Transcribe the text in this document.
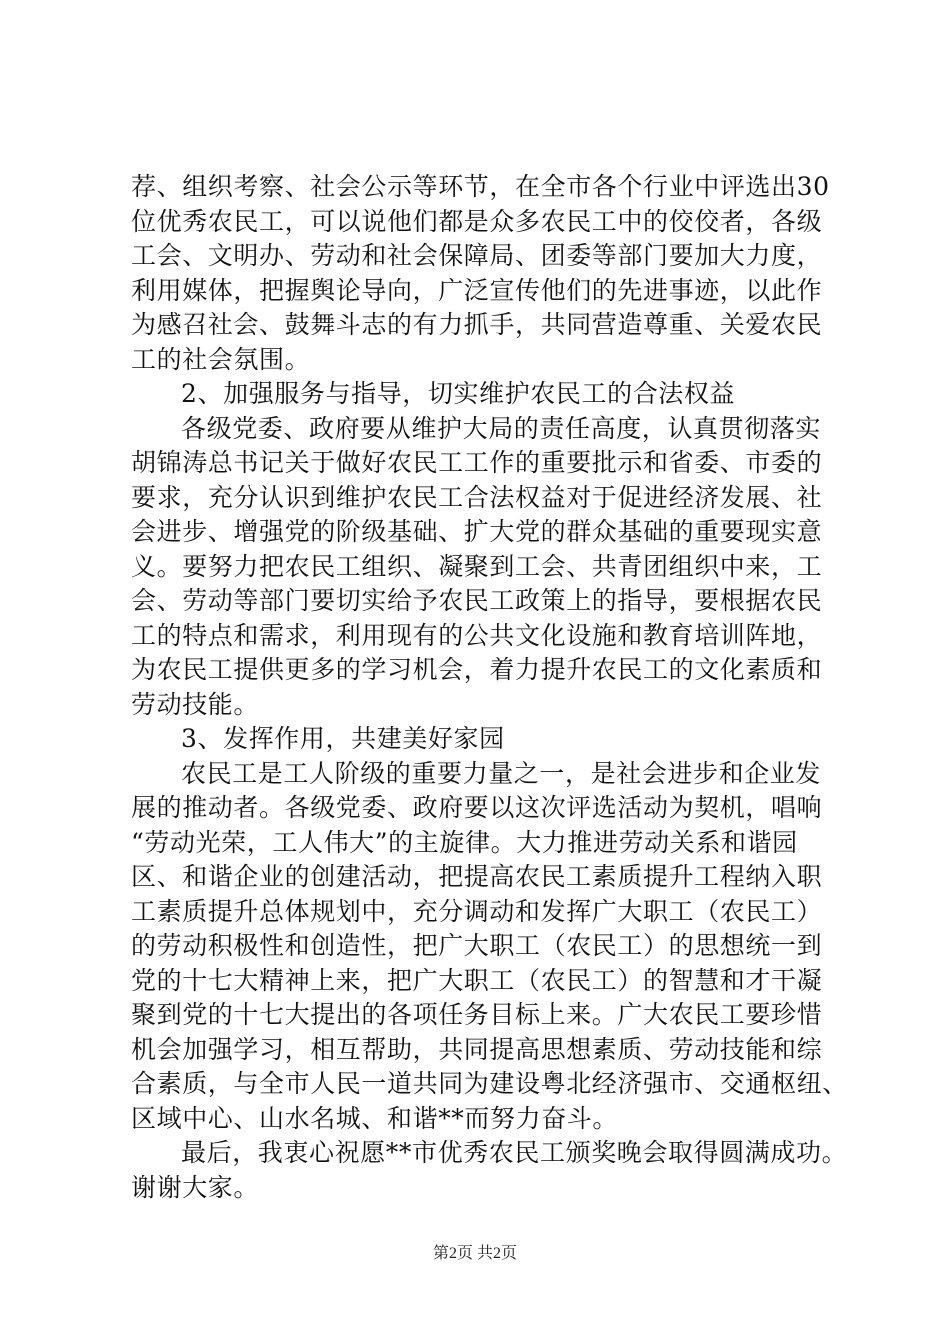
荐、组织考察、社会公示等环节，在全市各个行业中评选出30
位优秀农民工，可以说他们都是众多农民工中的佼佼者，各级
工会、文明办、劳动和社会保障局、团委等部门要加大力度，
利用媒体，把握舆论导向，广泛宣传他们的先进事迹，以此作
为感召社会、鼓舞斗志的有力抓手，共同营造尊重、关爱农民
工的社会氛围。
2、加强服务与指导，切实维护农民工的合法权益
各级党委、政府要从维护大局的责任高度，认真贯彻落实
胡锦涛总书记关于做好农民工工作的重要批示和省委、市委的
要求，充分认识到维护农民工合法权益对于促进经济发展、社
会进步、增强党的阶级基础、扩大党的群众基础的重要现实意
义。要努力把农民工组织、凝聚到工会、共青团组织中来，工
会、劳动等部门要切实给予农民工政策上的指导，要根据农民
工的特点和需求，利用现有的公共文化设施和教育培训阵地，
为农民工提供更多的学习机会，着力提升农民工的文化素质和
劳动技能。
3、发挥作用，共建美好家园
农民工是工人阶级的重要力量之一，是社会进步和企业发
展的推动者。各级党委、政府要以这次评选活动为契机，唱响
“劳动光荣，工人伟大”的主旋律。大力推进劳动关系和谐园
区、和谐企业的创建活动，把提高农民工素质提升工程纳入职
工素质提升总体规划中，充分调动和发挥广大职工（农民工）
的劳动积极性和创造性，把广大职工（农民工）的思想统一到
党的十七大精神上来，把广大职工（农民工）的智慧和才干凝
聚到党的十七大提出的各项任务目标上来。广大农民工要珍惜
机会加强学习，相互帮助，共同提高思想素质、劳动技能和综
合素质，与全市人民一道共同为建设粤北经济强市、交通枢纽、
区域中心、山水名城、和谐**而努力奋斗。
最后，我衷心祝愿**市优秀农民工颁奖晚会取得圆满成功。
谢谢大家。
第2页 共2页
